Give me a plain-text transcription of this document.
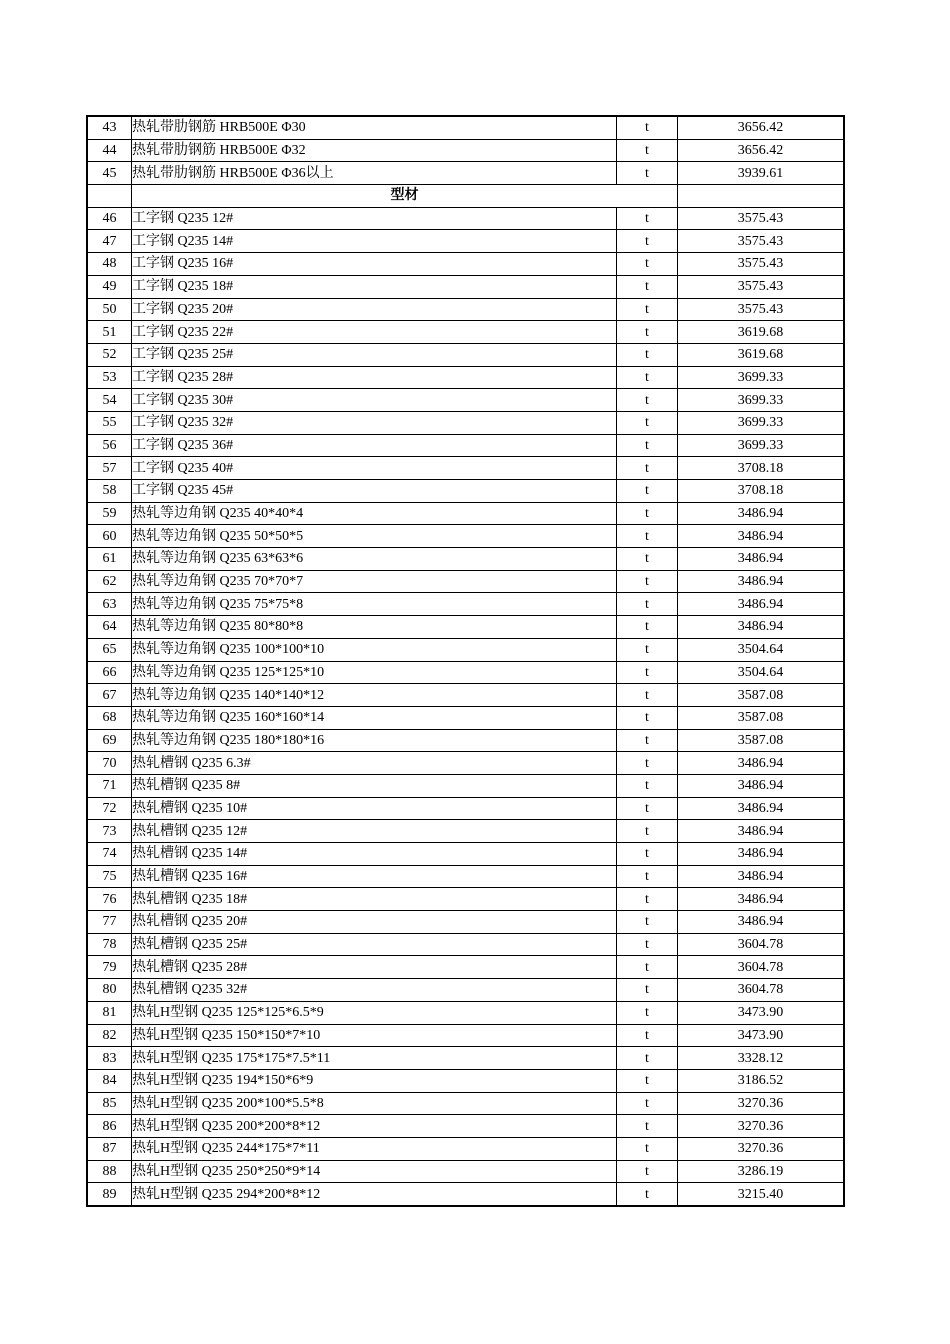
43	热轧带肋钢筋 HRB500E Φ30	t	3656.42
44	热轧带肋钢筋 HRB500E Φ32	t	3656.42
45	热轧带肋钢筋 HRB500E Φ36以上	t	3939.61
	型材		
46	工字钢 Q235 12#	t	3575.43
47	工字钢 Q235 14#	t	3575.43
48	工字钢 Q235 16#	t	3575.43
49	工字钢 Q235 18#	t	3575.43
50	工字钢 Q235 20#	t	3575.43
51	工字钢 Q235 22#	t	3619.68
52	工字钢 Q235 25#	t	3619.68
53	工字钢 Q235 28#	t	3699.33
54	工字钢 Q235 30#	t	3699.33
55	工字钢 Q235 32#	t	3699.33
56	工字钢 Q235 36#	t	3699.33
57	工字钢 Q235 40#	t	3708.18
58	工字钢 Q235 45#	t	3708.18
59	热轧等边角钢 Q235 40*40*4	t	3486.94
60	热轧等边角钢 Q235 50*50*5	t	3486.94
61	热轧等边角钢 Q235 63*63*6	t	3486.94
62	热轧等边角钢 Q235 70*70*7	t	3486.94
63	热轧等边角钢 Q235 75*75*8	t	3486.94
64	热轧等边角钢 Q235 80*80*8	t	3486.94
65	热轧等边角钢 Q235 100*100*10	t	3504.64
66	热轧等边角钢 Q235 125*125*10	t	3504.64
67	热轧等边角钢 Q235 140*140*12	t	3587.08
68	热轧等边角钢 Q235 160*160*14	t	3587.08
69	热轧等边角钢 Q235 180*180*16	t	3587.08
70	热轧槽钢 Q235 6.3#	t	3486.94
71	热轧槽钢 Q235 8#	t	3486.94
72	热轧槽钢 Q235 10#	t	3486.94
73	热轧槽钢 Q235 12#	t	3486.94
74	热轧槽钢 Q235 14#	t	3486.94
75	热轧槽钢 Q235 16#	t	3486.94
76	热轧槽钢 Q235 18#	t	3486.94
77	热轧槽钢 Q235 20#	t	3486.94
78	热轧槽钢 Q235 25#	t	3604.78
79	热轧槽钢 Q235 28#	t	3604.78
80	热轧槽钢 Q235 32#	t	3604.78
81	热轧H型钢 Q235 125*125*6.5*9	t	3473.90
82	热轧H型钢 Q235 150*150*7*10	t	3473.90
83	热轧H型钢 Q235 175*175*7.5*11	t	3328.12
84	热轧H型钢 Q235 194*150*6*9	t	3186.52
85	热轧H型钢 Q235 200*100*5.5*8	t	3270.36
86	热轧H型钢 Q235 200*200*8*12	t	3270.36
87	热轧H型钢 Q235 244*175*7*11	t	3270.36
88	热轧H型钢 Q235 250*250*9*14	t	3286.19
89	热轧H型钢 Q235 294*200*8*12	t	3215.40
